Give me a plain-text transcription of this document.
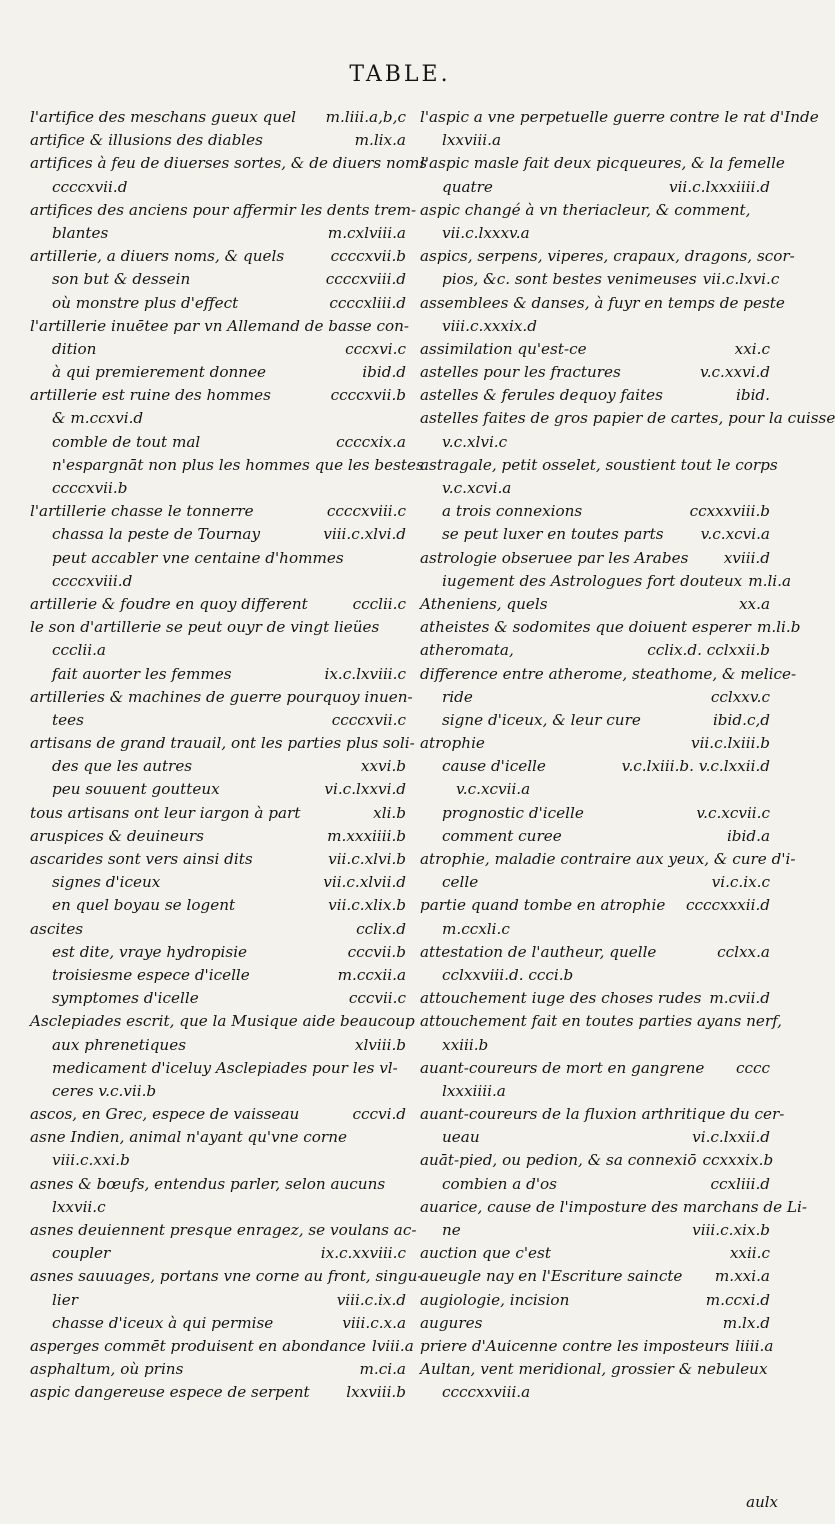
TABLE.
l'artifice des meschans gueux quel	m.liii.a,b,c
artifice & illusions des diables	m.lix.a
artifices à feu de diuerses sortes, & de diuers noms
ccccxvii.d
artifices des anciens pour affermir les dents trem-
blantes	m.cxlviii.a
artillerie, a diuers noms, & quels	ccccxvii.b
son but & dessein	ccccxviii.d
où monstre plus d'effect	ccccxliii.d
l'artillerie inuētee par vn Allemand de basse con-
dition	cccxvi.c
à qui premierement donnee	ibid.d
artillerie est ruine des hommes	ccccxvii.b
& m.ccxvi.d
comble de tout mal	ccccxix.a
n'espargnāt non plus les hommes que les bestes
ccccxvii.b
l'artillerie chasse le tonnerre	ccccxviii.c
chassa la peste de Tournay	viii.c.xlvi.d
peut accabler vne centaine d'hommes
ccccxviii.d
artillerie & foudre en quoy different	ccclii.c
le son d'artillerie se peut ouyr de vingt lieües
ccclii.a
fait auorter les femmes	ix.c.lxviii.c
artilleries & machines de guerre pourquoy inuen-
tees	ccccxvii.c
artisans de grand trauail, ont les parties plus soli-
des que les autres	xxvi.b
peu souuent goutteux	vi.c.lxxvi.d
tous artisans ont leur iargon à part	xli.b
aruspices & deuineurs	m.xxxiiii.b
ascarides sont vers ainsi dits	vii.c.xlvi.b
signes d'iceux	vii.c.xlvii.d
en quel boyau se logent	vii.c.xlix.b
ascites	cclix.d
est dite, vraye hydropisie	cccvii.b
troisiesme espece d'icelle	m.ccxii.a
symptomes d'icelle	cccvii.c
Asclepiades escrit, que la Musique aide beaucoup
aux phrenetiques	xlviii.b
medicament d'iceluy Asclepiades pour les vl-
ceres v.c.vii.b
ascos, en Grec, espece de vaisseau	cccvi.d
asne Indien, animal n'ayant qu'vne corne
viii.c.xxi.b
asnes & bœufs, entendus parler, selon aucuns
lxxvii.c
asnes deuiennent presque enragez, se voulans ac-
coupler	ix.c.xxviii.c
asnes sauuages, portans vne corne au front, singu-
lier	viii.c.ix.d
chasse d'iceux à qui permise	viii.c.x.a
asperges commēt produisent en abondance lviii.a
asphaltum, où prins	m.ci.a
aspic dangereuse espece de serpent	lxxviii.b
l'aspic a vne perpetuelle guerre contre le rat d'Inde
lxxviii.a
l'aspic masle fait deux picqueures, & la femelle
quatre	vii.c.lxxxiiii.d
aspic changé à vn theriacleur, & comment,
vii.c.lxxxv.a
aspics, serpens, viperes, crapaux, dragons, scor-
pios, &c. sont bestes venimeuses vii.c.lxvi.c
assemblees & danses, à fuyr en temps de peste
viii.c.xxxix.d
assimilation qu'est-ce	xxi.c
astelles pour les fractures	v.c.xxvi.d
astelles & ferules dequoy faites	ibid.
astelles faites de gros papier de cartes, pour la cuisse
v.c.xlvi.c
astragale, petit osselet, soustient tout le corps
v.c.xcvi.a
a trois connexions	ccxxxviii.b
se peut luxer en toutes parts	v.c.xcvi.a
astrologie obseruee par les Arabes	xviii.d
iugement des Astrologues fort douteux m.li.a
Atheniens, quels	xx.a
atheistes & sodomites que doiuent esperer m.li.b
atheromata,	cclix.d. cclxxii.b
difference entre atherome, steathome, & melice-
ride	cclxxv.c
signe d'iceux, & leur cure	ibid.c,d
atrophie	vii.c.lxiii.b
cause d'icelle	v.c.lxiii.b. v.c.lxxii.d
v.c.xcvii.a
prognostic d'icelle	v.c.xcvii.c
comment curee	ibid.a
atrophie, maladie contraire aux yeux, & cure d'i-
celle	vi.c.ix.c
partie quand tombe en atrophie	ccccxxxii.d
m.ccxli.c
attestation de l'autheur, quelle	cclxx.a
cclxxviii.d. ccci.b
attouchement iuge des choses rudes m.cvii.d
attouchement fait en toutes parties ayans nerf,
xxiii.b
auant-coureurs de mort en gangrene	cccc
lxxxiiii.a
auant-coureurs de la fluxion arthritique du cer-
ueau	vi.c.lxxii.d
auāt-pied, ou pedion, & sa connexiō ccxxxix.b
combien a d'os	ccxliii.d
auarice, cause de l'imposture des marchans de Li-
ne	viii.c.xix.b
auction que c'est	xxii.c
aueugle nay en l'Escriture saincte	m.xxi.a
augiologie, incision	m.ccxi.d
augures	m.lx.d
priere d'Auicenne contre les imposteurs liiii.a
Aultan, vent meridional, grossier & nebuleux
ccccxxviii.a
aulx
